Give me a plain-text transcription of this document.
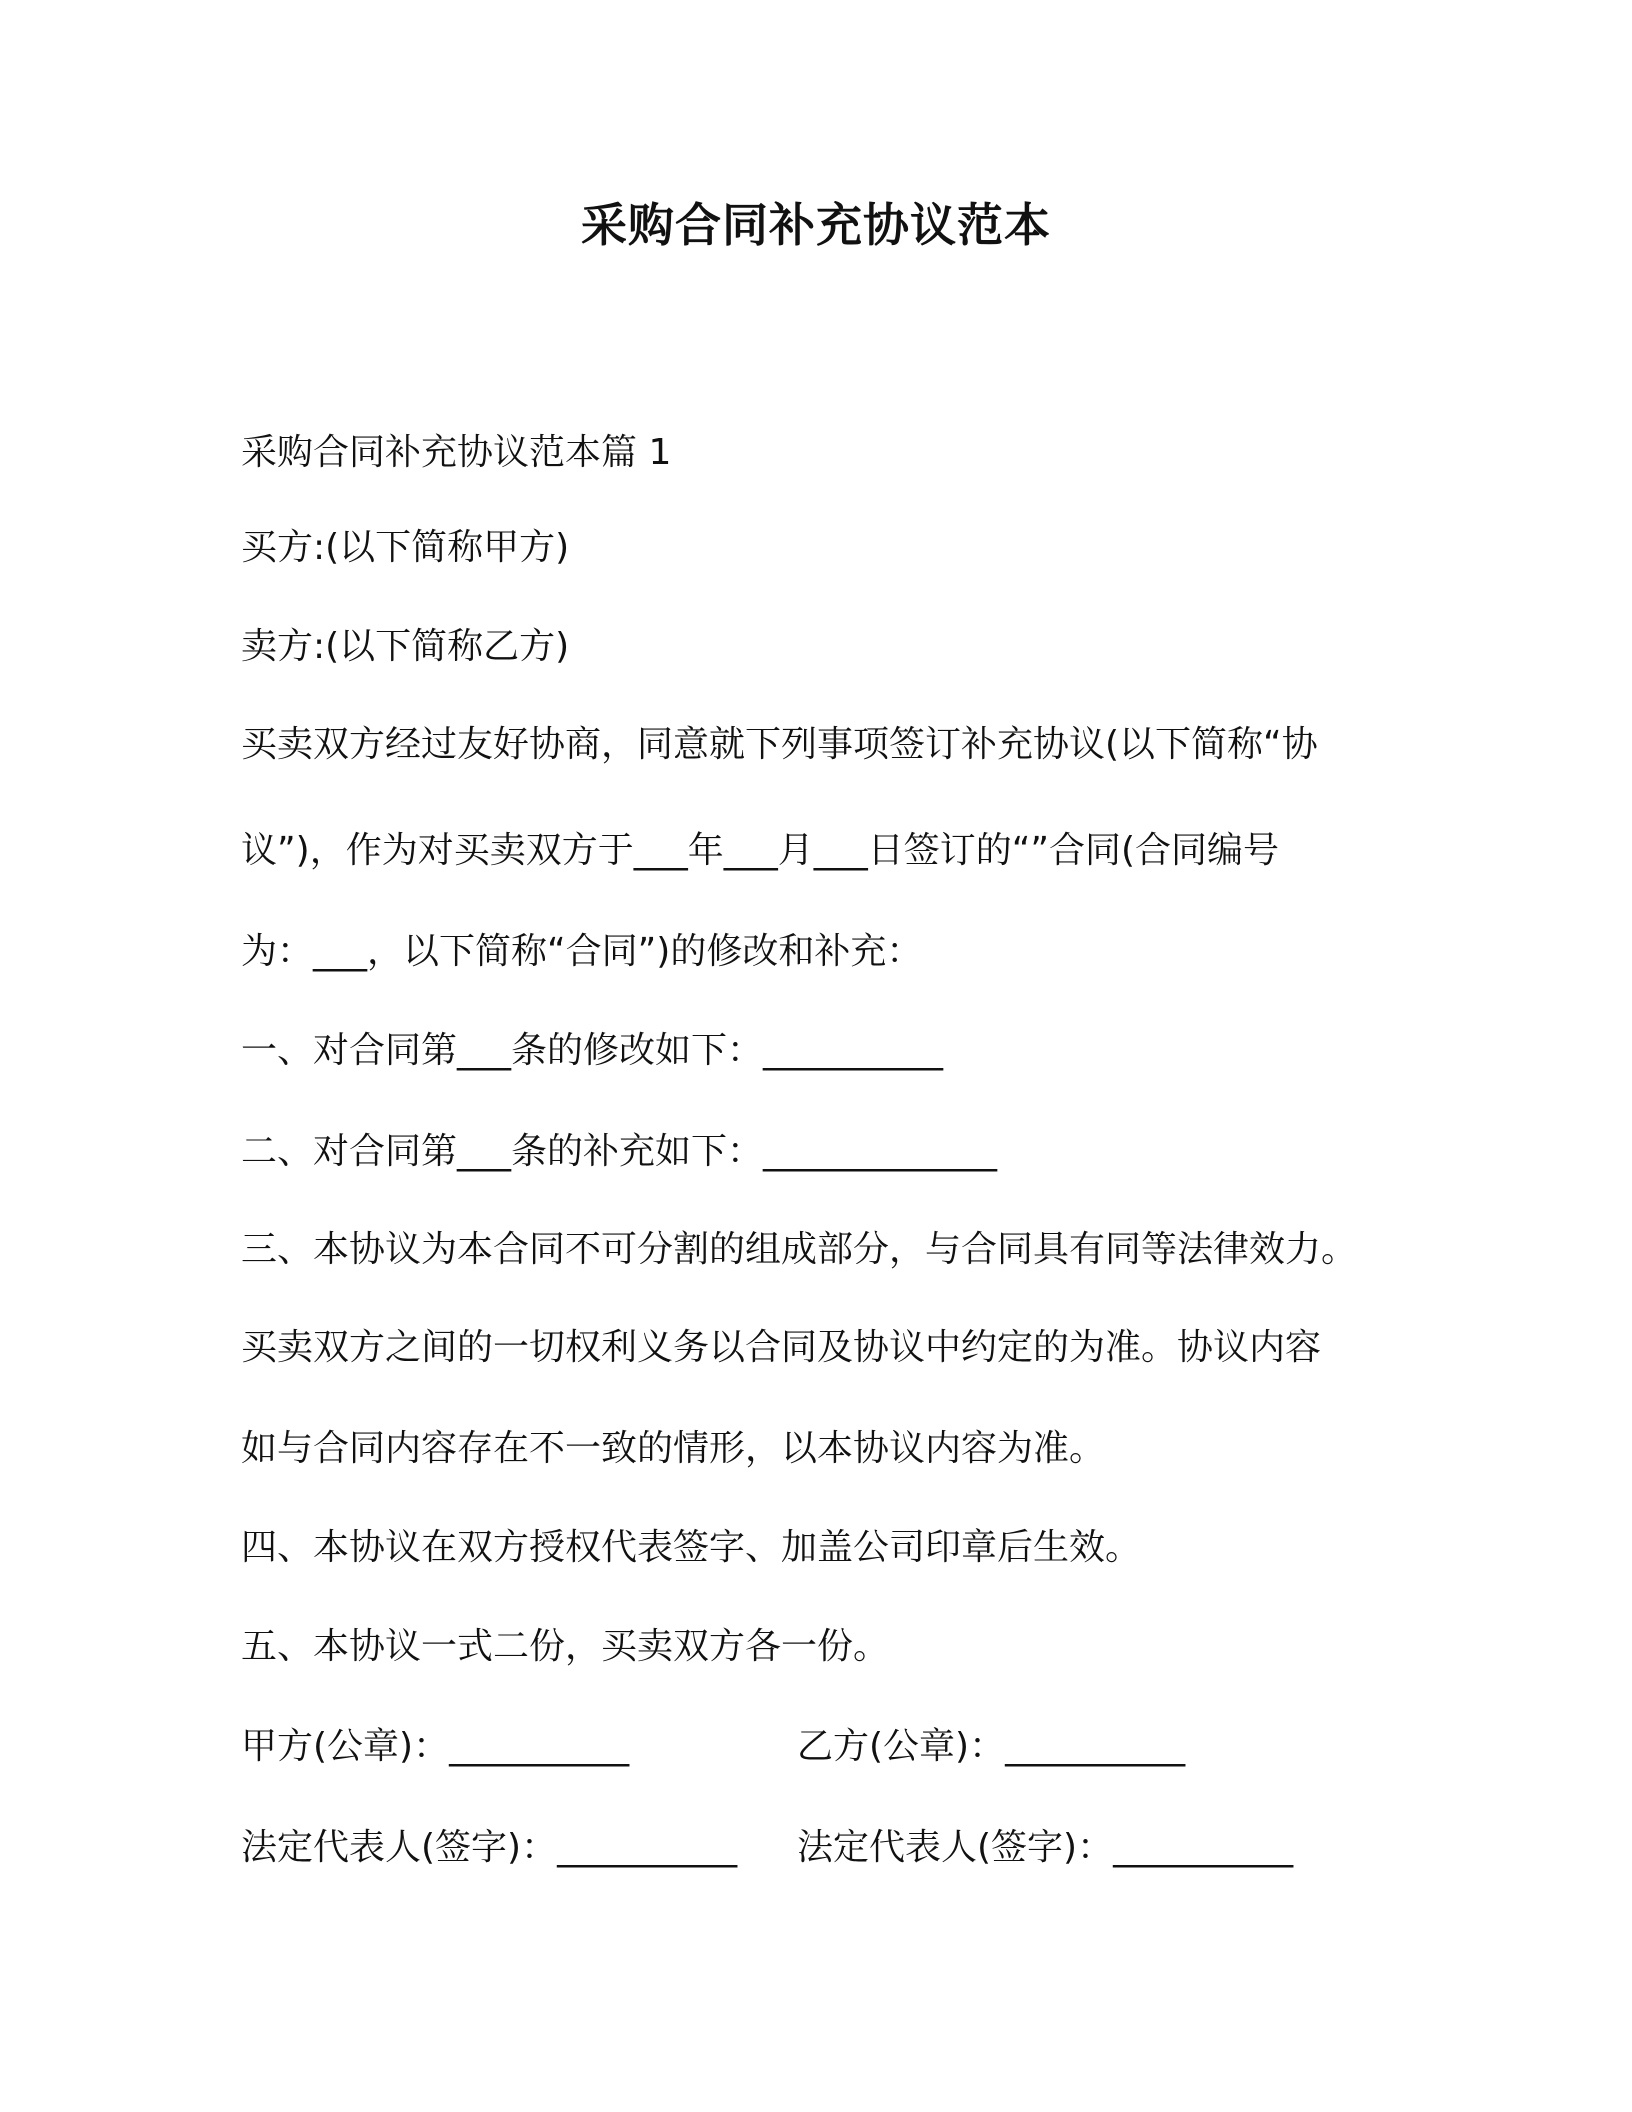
采购合同补充协议范本
采购合同补充协议范本篇 1
买方:(以下简称甲方)
卖方:(以下简称乙方)
买卖双方经过友好协商，同意就下列事项签订补充协议(以下简称“协
议”)，作为对买卖双方于___年___月___日签订的“”合同(合同编号
为：___，以下简称“合同”)的修改和补充：
一、对合同第___条的修改如下：__________
二、对合同第___条的补充如下：_____________
三、本协议为本合同不可分割的组成部分，与合同具有同等法律效力。
买卖双方之间的一切权利义务以合同及协议中约定的为准。协议内容
如与合同内容存在不一致的情形，以本协议内容为准。
四、本协议在双方授权代表签字、加盖公司印章后生效。
五、本协议一式二份，买卖双方各一份。
甲方(公章)：__________	乙方(公章)：__________
法定代表人(签字)：__________ 法定代表人(签字)：__________
